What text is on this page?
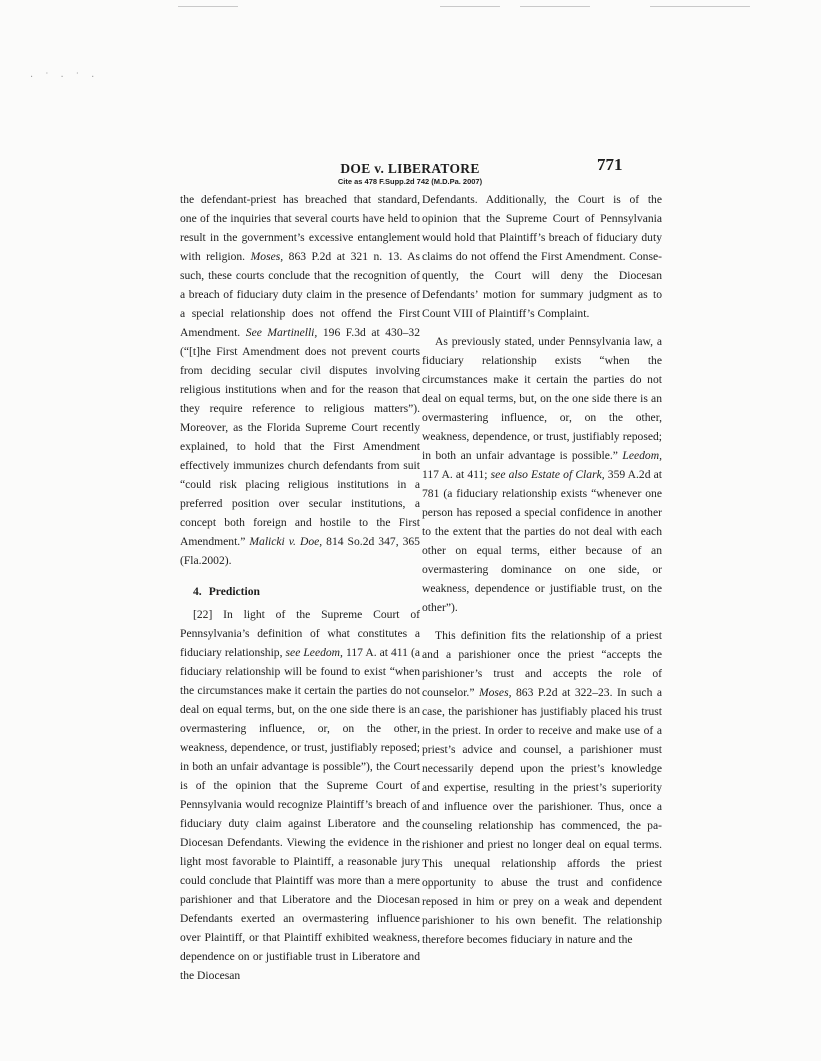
· ˙ · ˙ ·
DOE v. LIBERATORE
Cite as 478 F.Supp.2d 742 (M.D.Pa. 2007)
771

the defendant-priest has breached that standard, one of the inquiries that several courts have held to result in the government’s excessive entanglement with religion. Moses, 863 P.2d at 321 n. 13. As such, these courts conclude that the recognition of a breach of fiduciary duty claim in the presence of a special relationship does not offend the First Amendment. See Martinelli, 196 F.3d at 430–32 (“[t]he First Amendment does not prevent courts from deciding secular civil disputes involving religious institutions when and for the reason that they require reference to religious matters”). Moreover, as the Florida Supreme Court recently explained, to hold that the First Amendment effectively immunizes church defendants from suit “could risk placing religious institutions in a preferred position over secular institutions, a concept both foreign and hostile to the First Amendment.” Malicki v. Doe, 814 So.2d 347, 365 (Fla.2002).

4. Prediction

[22] In light of the Supreme Court of Pennsylvania’s definition of what constitutes a fiduciary relationship, see Leedom, 117 A. at 411 (a fiduciary relationship will be found to exist “when the circumstances make it certain the parties do not deal on equal terms, but, on the one side there is an overmastering influence, or, on the other, weakness, dependence, or trust, justifiably reposed; in both an unfair advantage is possible”), the Court is of the opinion that the Supreme Court of Pennsylvania would recognize Plaintiff’s breach of fiduciary duty claim against Liberatore and the Diocesan Defendants. Viewing the evidence in the light most favorable to Plaintiff, a reasonable jury could conclude that Plaintiff was more than a mere parishioner and that Liberatore and the Diocesan Defendants exerted an overmastering influence over Plaintiff, or that Plaintiff exhibited weakness, dependence on or justifiable trust in Liberatore and the Diocesan

Defendants. Additionally, the Court is of the opinion that the Supreme Court of Pennsylvania would hold that Plaintiff’s breach of fiduciary duty claims do not offend the First Amendment. Consequently, the Court will deny the Diocesan Defendants’ motion for summary judgment as to Count VIII of Plaintiff’s Complaint.

As previously stated, under Pennsylvania law, a fiduciary relationship exists “when the circumstances make it certain the parties do not deal on equal terms, but, on the one side there is an overmastering influence, or, on the other, weakness, dependence, or trust, justifiably reposed; in both an unfair advantage is possible.” Leedom, 117 A. at 411; see also Estate of Clark, 359 A.2d at 781 (a fiduciary relationship exists “whenever one person has reposed a special confidence in another to the extent that the parties do not deal with each other on equal terms, either because of an overmastering dominance on one side, or weakness, dependence or justifiable trust, on the other”).

This definition fits the relationship of a priest and a parishioner once the priest “accepts the parishioner’s trust and accepts the role of counselor.” Moses, 863 P.2d at 322–23. In such a case, the parishioner has justifiably placed his trust in the priest. In order to receive and make use of a priest’s advice and counsel, a parishioner must necessarily depend upon the priest’s knowledge and expertise, resulting in the priest’s superiority and influence over the parishioner. Thus, once a counseling relationship has commenced, the parishioner and priest no longer deal on equal terms. This unequal relationship affords the priest opportunity to abuse the trust and confidence reposed in him or prey on a weak and dependent parishioner to his own benefit. The relationship therefore becomes fiduciary in nature and the
